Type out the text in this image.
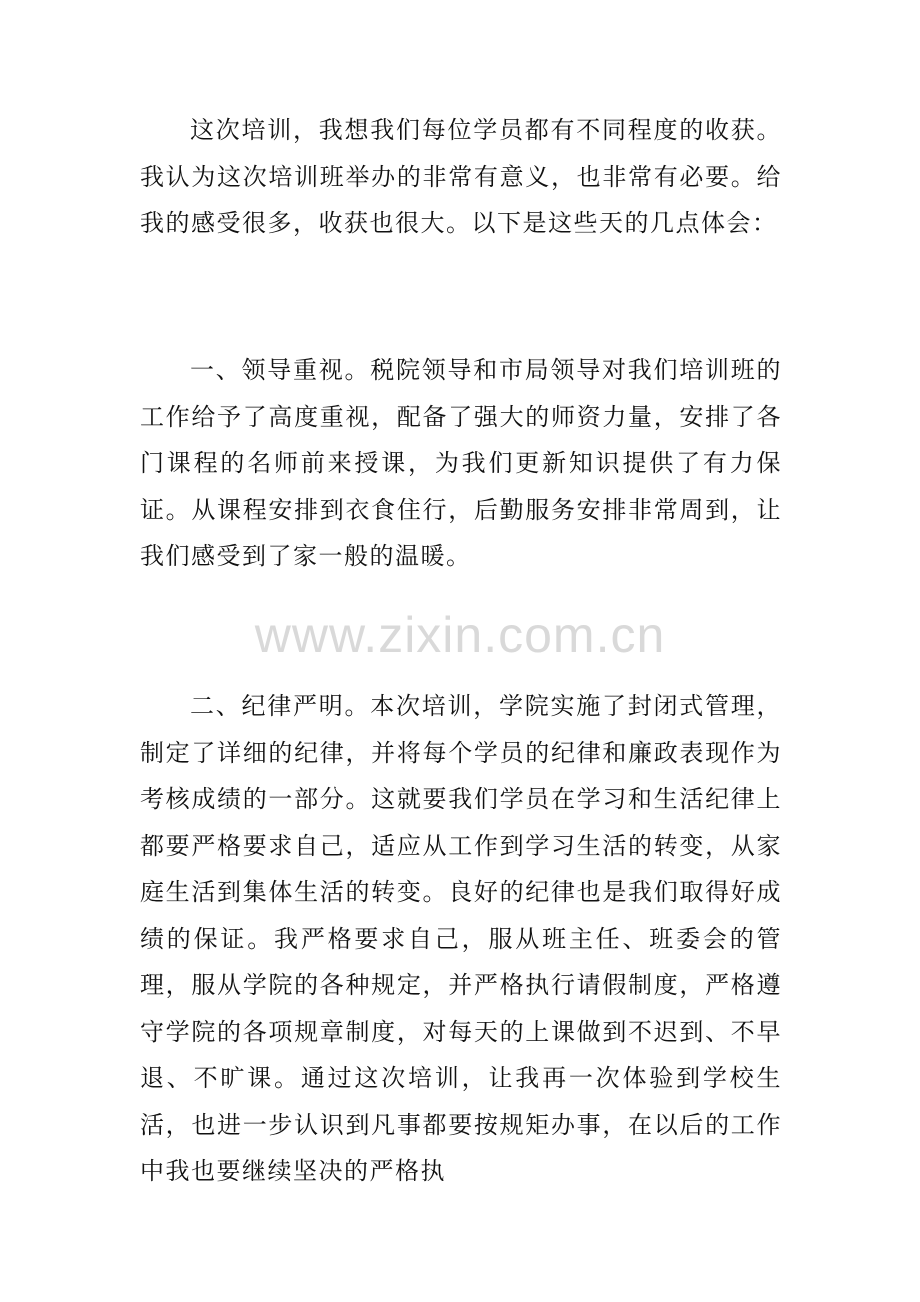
这次培训，我想我们每位学员都有不同程度的收获。我认为这次培训班举办的非常有意义，也非常有必要。给我的感受很多，收获也很大。以下是这些天的几点体会：

一、领导重视。税院领导和市局领导对我们培训班的工作给予了高度重视，配备了强大的师资力量，安排了各门课程的名师前来授课，为我们更新知识提供了有力保证。从课程安排到衣食住行，后勤服务安排非常周到，让我们感受到了家一般的温暖。

www.zixin.com.cn

二、纪律严明。本次培训，学院实施了封闭式管理，制定了详细的纪律，并将每个学员的纪律和廉政表现作为考核成绩的一部分。这就要我们学员在学习和生活纪律上都要严格要求自己，适应从工作到学习生活的转变，从家庭生活到集体生活的转变。良好的纪律也是我们取得好成绩的保证。我严格要求自己，服从班主任、班委会的管理，服从学院的各种规定，并严格执行请假制度，严格遵守学院的各项规章制度，对每天的上课做到不迟到、不早退、不旷课。通过这次培训，让我再一次体验到学校生活，也进一步认识到凡事都要按规矩办事，在以后的工作中我也要继续坚决的严格执
